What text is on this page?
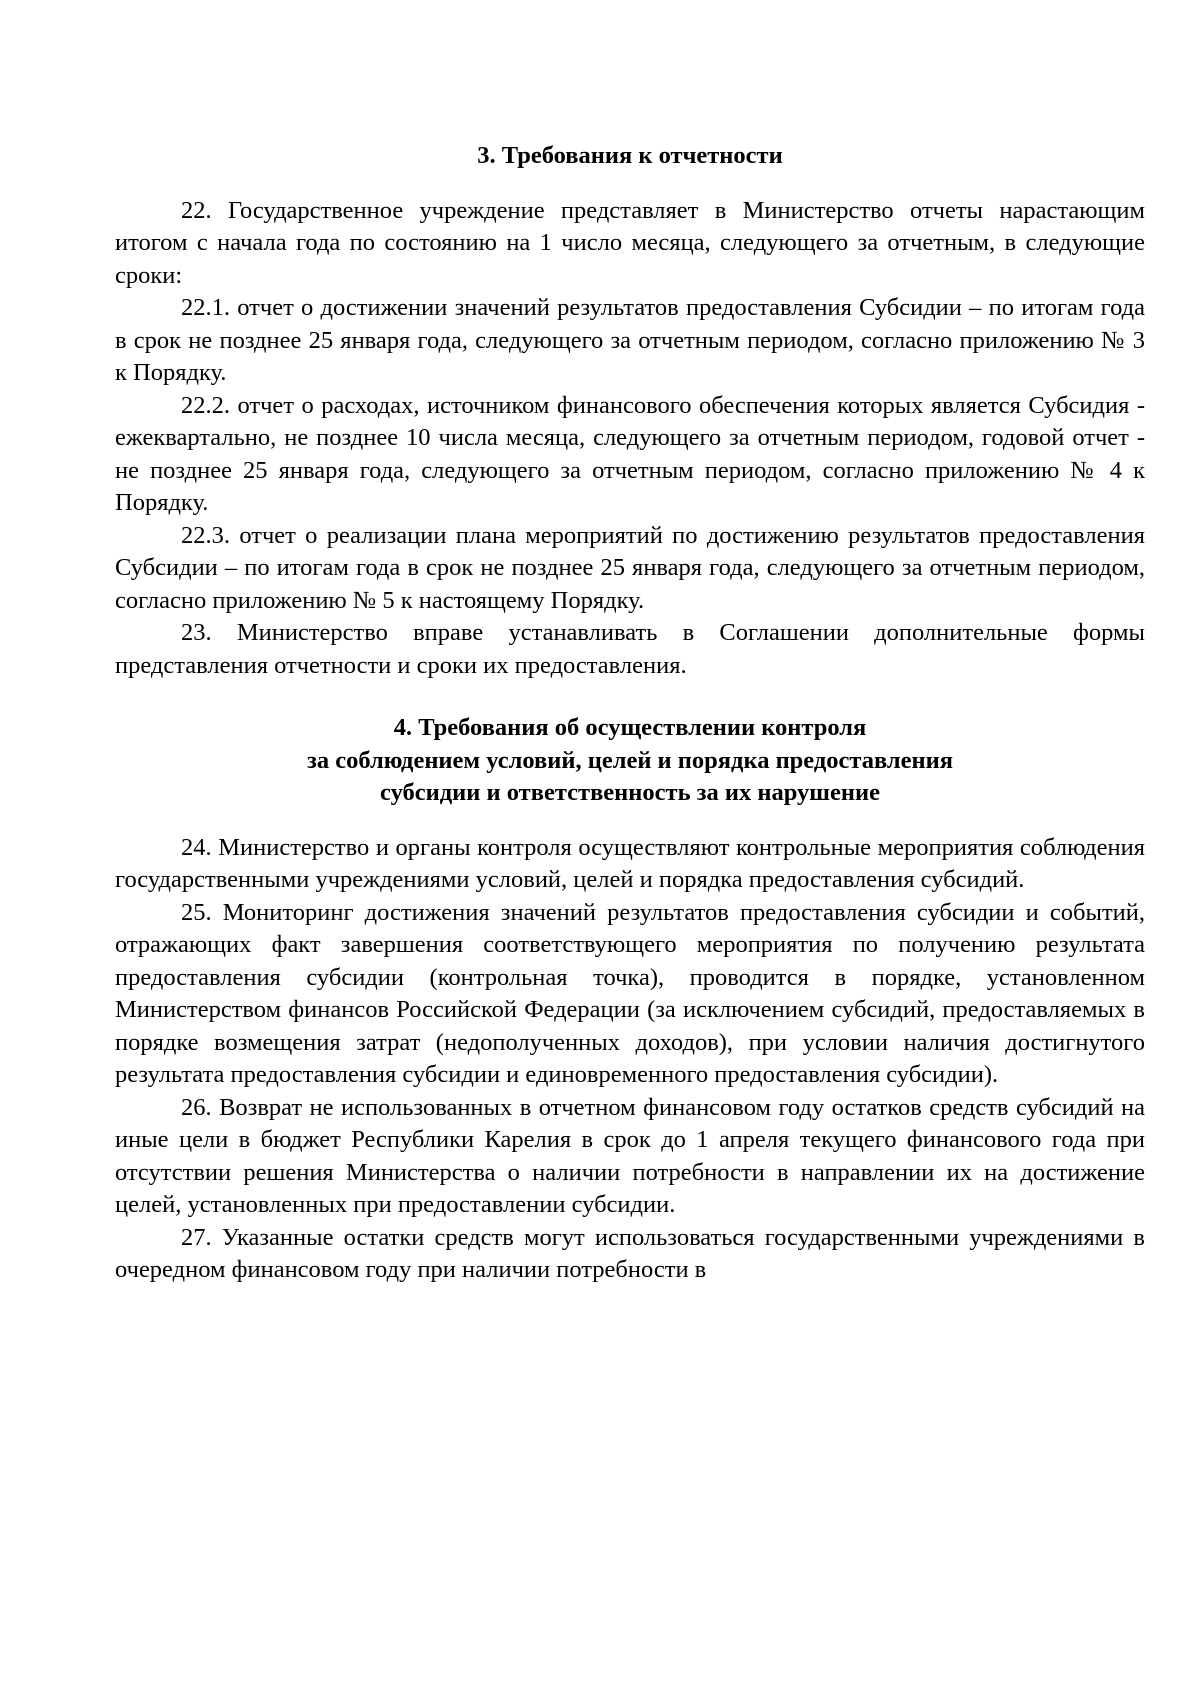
3. Требования к отчетности

22. Государственное учреждение представляет в Министерство отчеты нарастающим итогом с начала года по состоянию на 1 число месяца, следующего за отчетным, в следующие сроки:

22.1. отчет о достижении значений результатов предоставления Субсидии – по итогам года в срок не позднее 25 января года, следующего за отчетным периодом, согласно приложению № 3 к Порядку.

22.2. отчет о расходах, источником финансового обеспечения которых является Субсидия - ежеквартально, не позднее 10 числа месяца, следующего за отчетным периодом, годовой отчет - не позднее 25 января года, следующего за отчетным периодом, согласно приложению № 4 к Порядку.

22.3. отчет о реализации плана мероприятий по достижению результатов предоставления Субсидии – по итогам года в срок не позднее 25 января года, следующего за отчетным периодом, согласно приложению № 5 к настоящему Порядку.

23. Министерство вправе устанавливать в Соглашении дополнительные формы представления отчетности и сроки их предоставления.

4. Требования об осуществлении контроля
за соблюдением условий, целей и порядка предоставления
субсидии и ответственность за их нарушение

24. Министерство и органы контроля осуществляют контрольные мероприятия соблюдения государственными учреждениями условий, целей и порядка предоставления субсидий.

25. Мониторинг достижения значений результатов предоставления субсидии и событий, отражающих факт завершения соответствующего мероприятия по получению результата предоставления субсидии (контрольная точка), проводится в порядке, установленном Министерством финансов Российской Федерации (за исключением субсидий, предоставляемых в порядке возмещения затрат (недополученных доходов), при условии наличия достигнутого результата предоставления субсидии и единовременного предоставления субсидии).

26. Возврат не использованных в отчетном финансовом году остатков средств субсидий на иные цели в бюджет Республики Карелия в срок до 1 апреля текущего финансового года при отсутствии решения Министерства о наличии потребности в направлении их на достижение целей, установленных при предоставлении субсидии.

27. Указанные остатки средств могут использоваться государственными учреждениями в очередном финансовом году при наличии потребности в
